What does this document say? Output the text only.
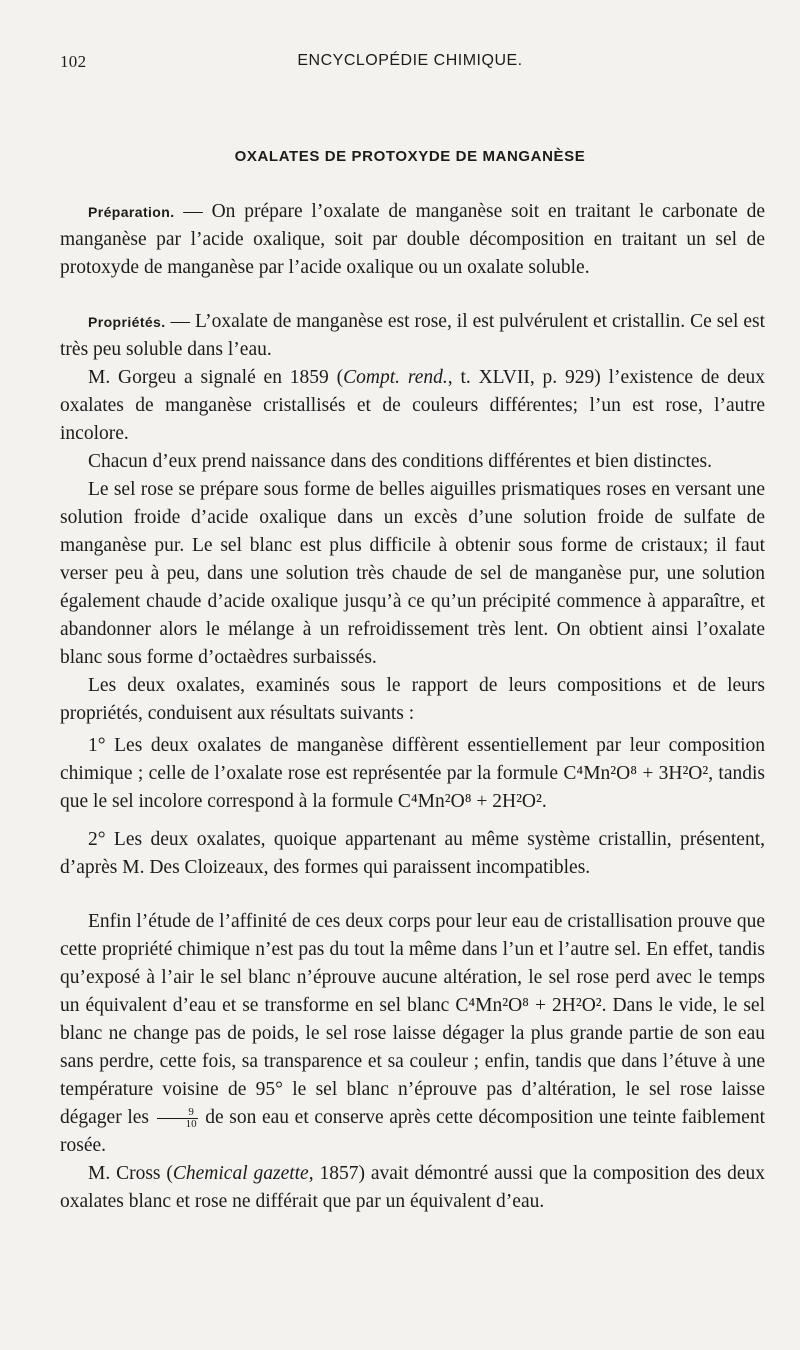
102	ENCYCLOPÉDIE CHIMIQUE.
OXALATES DE PROTOXYDE DE MANGANÈSE

Préparation. — On prépare l’oxalate de manganèse soit en traitant le carbonate de manganèse par l’acide oxalique, soit par double décomposition en traitant un sel de protoxyde de manganèse par l’acide oxalique ou un oxalate soluble.

Propriétés. — L’oxalate de manganèse est rose, il est pulvérulent et cristallin. Ce sel est très peu soluble dans l’eau.

M. Gorgeu a signalé en 1859 (Compt. rend., t. XLVII, p. 929) l’existence de deux oxalates de manganèse cristallisés et de couleurs différentes; l’un est rose, l’autre incolore.

Chacun d’eux prend naissance dans des conditions différentes et bien distinctes.

Le sel rose se prépare sous forme de belles aiguilles prismatiques roses en versant une solution froide d’acide oxalique dans un excès d’une solution froide de sulfate de manganèse pur. Le sel blanc est plus difficile à obtenir sous forme de cristaux; il faut verser peu à peu, dans une solution très chaude de sel de manganèse pur, une solution également chaude d’acide oxalique jusqu’à ce qu’un précipité commence à apparaître, et abandonner alors le mélange à un refroidissement très lent. On obtient ainsi l’oxalate blanc sous forme d’octaèdres surbaissés.

Les deux oxalates, examinés sous le rapport de leurs compositions et de leurs propriétés, conduisent aux résultats suivants :

1° Les deux oxalates de manganèse diffèrent essentiellement par leur composition chimique ; celle de l’oxalate rose est représentée par la formule C⁴Mn²O⁸ + 3H²O², tandis que le sel incolore correspond à la formule C⁴Mn²O⁸ + 2H²O².

2° Les deux oxalates, quoique appartenant au même système cristallin, présentent, d’après M. Des Cloizeaux, des formes qui paraissent incompatibles.

Enfin l’étude de l’affinité de ces deux corps pour leur eau de cristallisation prouve que cette propriété chimique n’est pas du tout la même dans l’un et l’autre sel. En effet, tandis qu’exposé à l’air le sel blanc n’éprouve aucune altération, le sel rose perd avec le temps un équivalent d’eau et se transforme en sel blanc C⁴Mn²O⁸ + 2H²O². Dans le vide, le sel blanc ne change pas de poids, le sel rose laisse dégager la plus grande partie de son eau sans perdre, cette fois, sa transparence et sa couleur ; enfin, tandis que dans l’étuve à une température voisine de 95° le sel blanc n’éprouve pas d’altération, le sel rose laisse dégager les $\frac{9}{10}$ de son eau et conserve après cette décomposition une teinte faiblement rosée.

M. Cross (Chemical gazette, 1857) avait démontré aussi que la composition des deux oxalates blanc et rose ne différait que par un équivalent d’eau.
